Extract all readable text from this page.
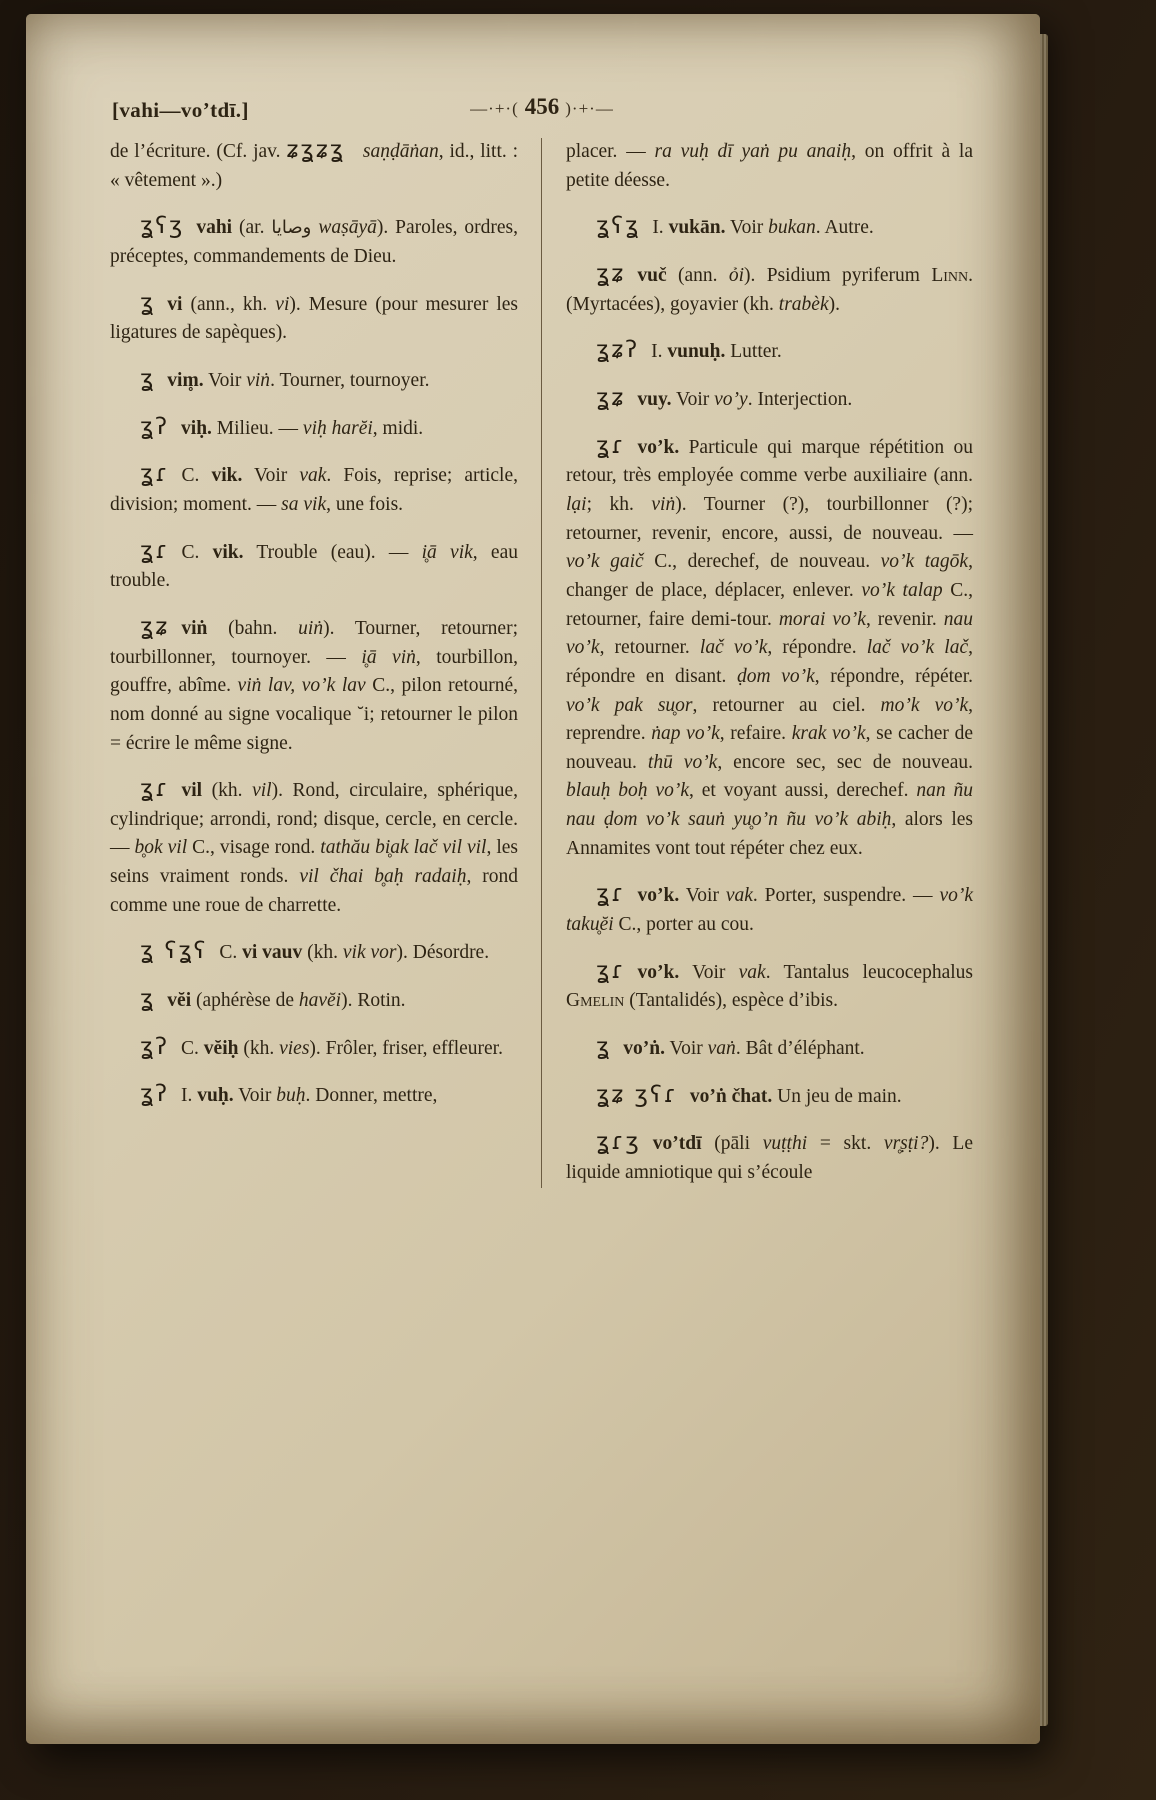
[vahi—vo’tdī.]	—·+·( 456 )·+·—

de l’écriture. (Cf. jav. ʑʓʑʓ saṇḍāṅan, id., litt. : « vêtement ».)

ʓʕʒ vahi (ar. وصايا waṣāyā). Paroles, ordres, préceptes, commandements de Dieu.

ʓ vi (ann., kh. vi). Mesure (pour mesurer les ligatures de sapèques).

ʓ vim̥. Voir viṅ. Tourner, tournoyer.

ʓʔ viḥ. Milieu. — viḥ harĕi, midi.

ʓɾ C. vik. Voir vak. Fois, reprise; article, division; moment. — sa vik, une fois.

ʓɾ C. vik. Trouble (eau). — i̥ā vik, eau trouble.

ʓʑ viṅ (bahn. uiṅ). Tourner, retourner; tourbillonner, tournoyer. — i̥ā viṅ, tourbillon, gouffre, abîme. viṅ lav, vo’k lav C., pilon retourné, nom donné au signe vocalique ˘i; retourner le pilon = écrire le même signe.

ʓɾ vil (kh. vil). Rond, circulaire, sphérique, cylindrique; arrondi, rond; disque, cercle, en cercle. — b̥ok vil C., visage rond. tathău bi̥ak lač vil vil, les seins vraiment ronds. vil čhai b̥aḥ radaiḥ, rond comme une roue de charrette.

ʓ ʕʓʕ C. vi vauv (kh. vik vor). Désordre.

ʓ vĕi (aphérèse de havĕi). Rotin.

ʓʔ C. vĕiḥ (kh. vies). Frôler, friser, effleurer.

ʓʔ I. vuḥ. Voir buḥ. Donner, mettre,

placer. — ra vuḥ dī yaṅ pu anaiḥ, on offrit à la petite déesse.

ʓʕʓ I. vukān. Voir bukan. Autre.

ʓʑ vuč (ann. ỏi). Psidium pyriferum Linn. (Myrtacées), goyavier (kh. trabèk).

ʓʑʔ I. vunuḥ. Lutter.

ʓʑ vuy. Voir vo’y. Interjection.

ʓɾ vo’k. Particule qui marque répétition ou retour, très employée comme verbe auxiliaire (ann. lại; kh. viṅ). Tourner (?), tourbillonner (?); retourner, revenir, encore, aussi, de nouveau. — vo’k gaič C., derechef, de nouveau. vo’k tagōk, changer de place, déplacer, enlever. vo’k talap C., retourner, faire demi-tour. morai vo’k, revenir. nau vo’k, retourner. lač vo’k, répondre. lač vo’k lač, répondre en disant. ḍom vo’k, répondre, répéter. vo’k pak su̥or, retourner au ciel. mo’k vo’k, reprendre. ṅap vo’k, refaire. krak vo’k, se cacher de nouveau. thū vo’k, encore sec, sec de nouveau. blauḥ boḥ vo’k, et voyant aussi, derechef. nan ñu nau ḍom vo’k sauṅ yu̥o’n ñu vo’k abiḥ, alors les Annamites vont tout répéter chez eux.

ʓɾ vo’k. Voir vak. Porter, suspendre. — vo’k taku̥ĕi C., porter au cou.

ʓɾ vo’k. Voir vak. Tantalus leucocephalus Gmelin (Tantalidés), espèce d’ibis.

ʓ vo’ṅ. Voir vaṅ. Bât d’éléphant.

ʓʑ ʒʕɾ vo’ṅ čhat. Un jeu de main.

ʓɾʒ vo’tdī (pāli vuṭṭhi = skt. vr̥ṣṭi?). Le liquide amniotique qui s’écoule
